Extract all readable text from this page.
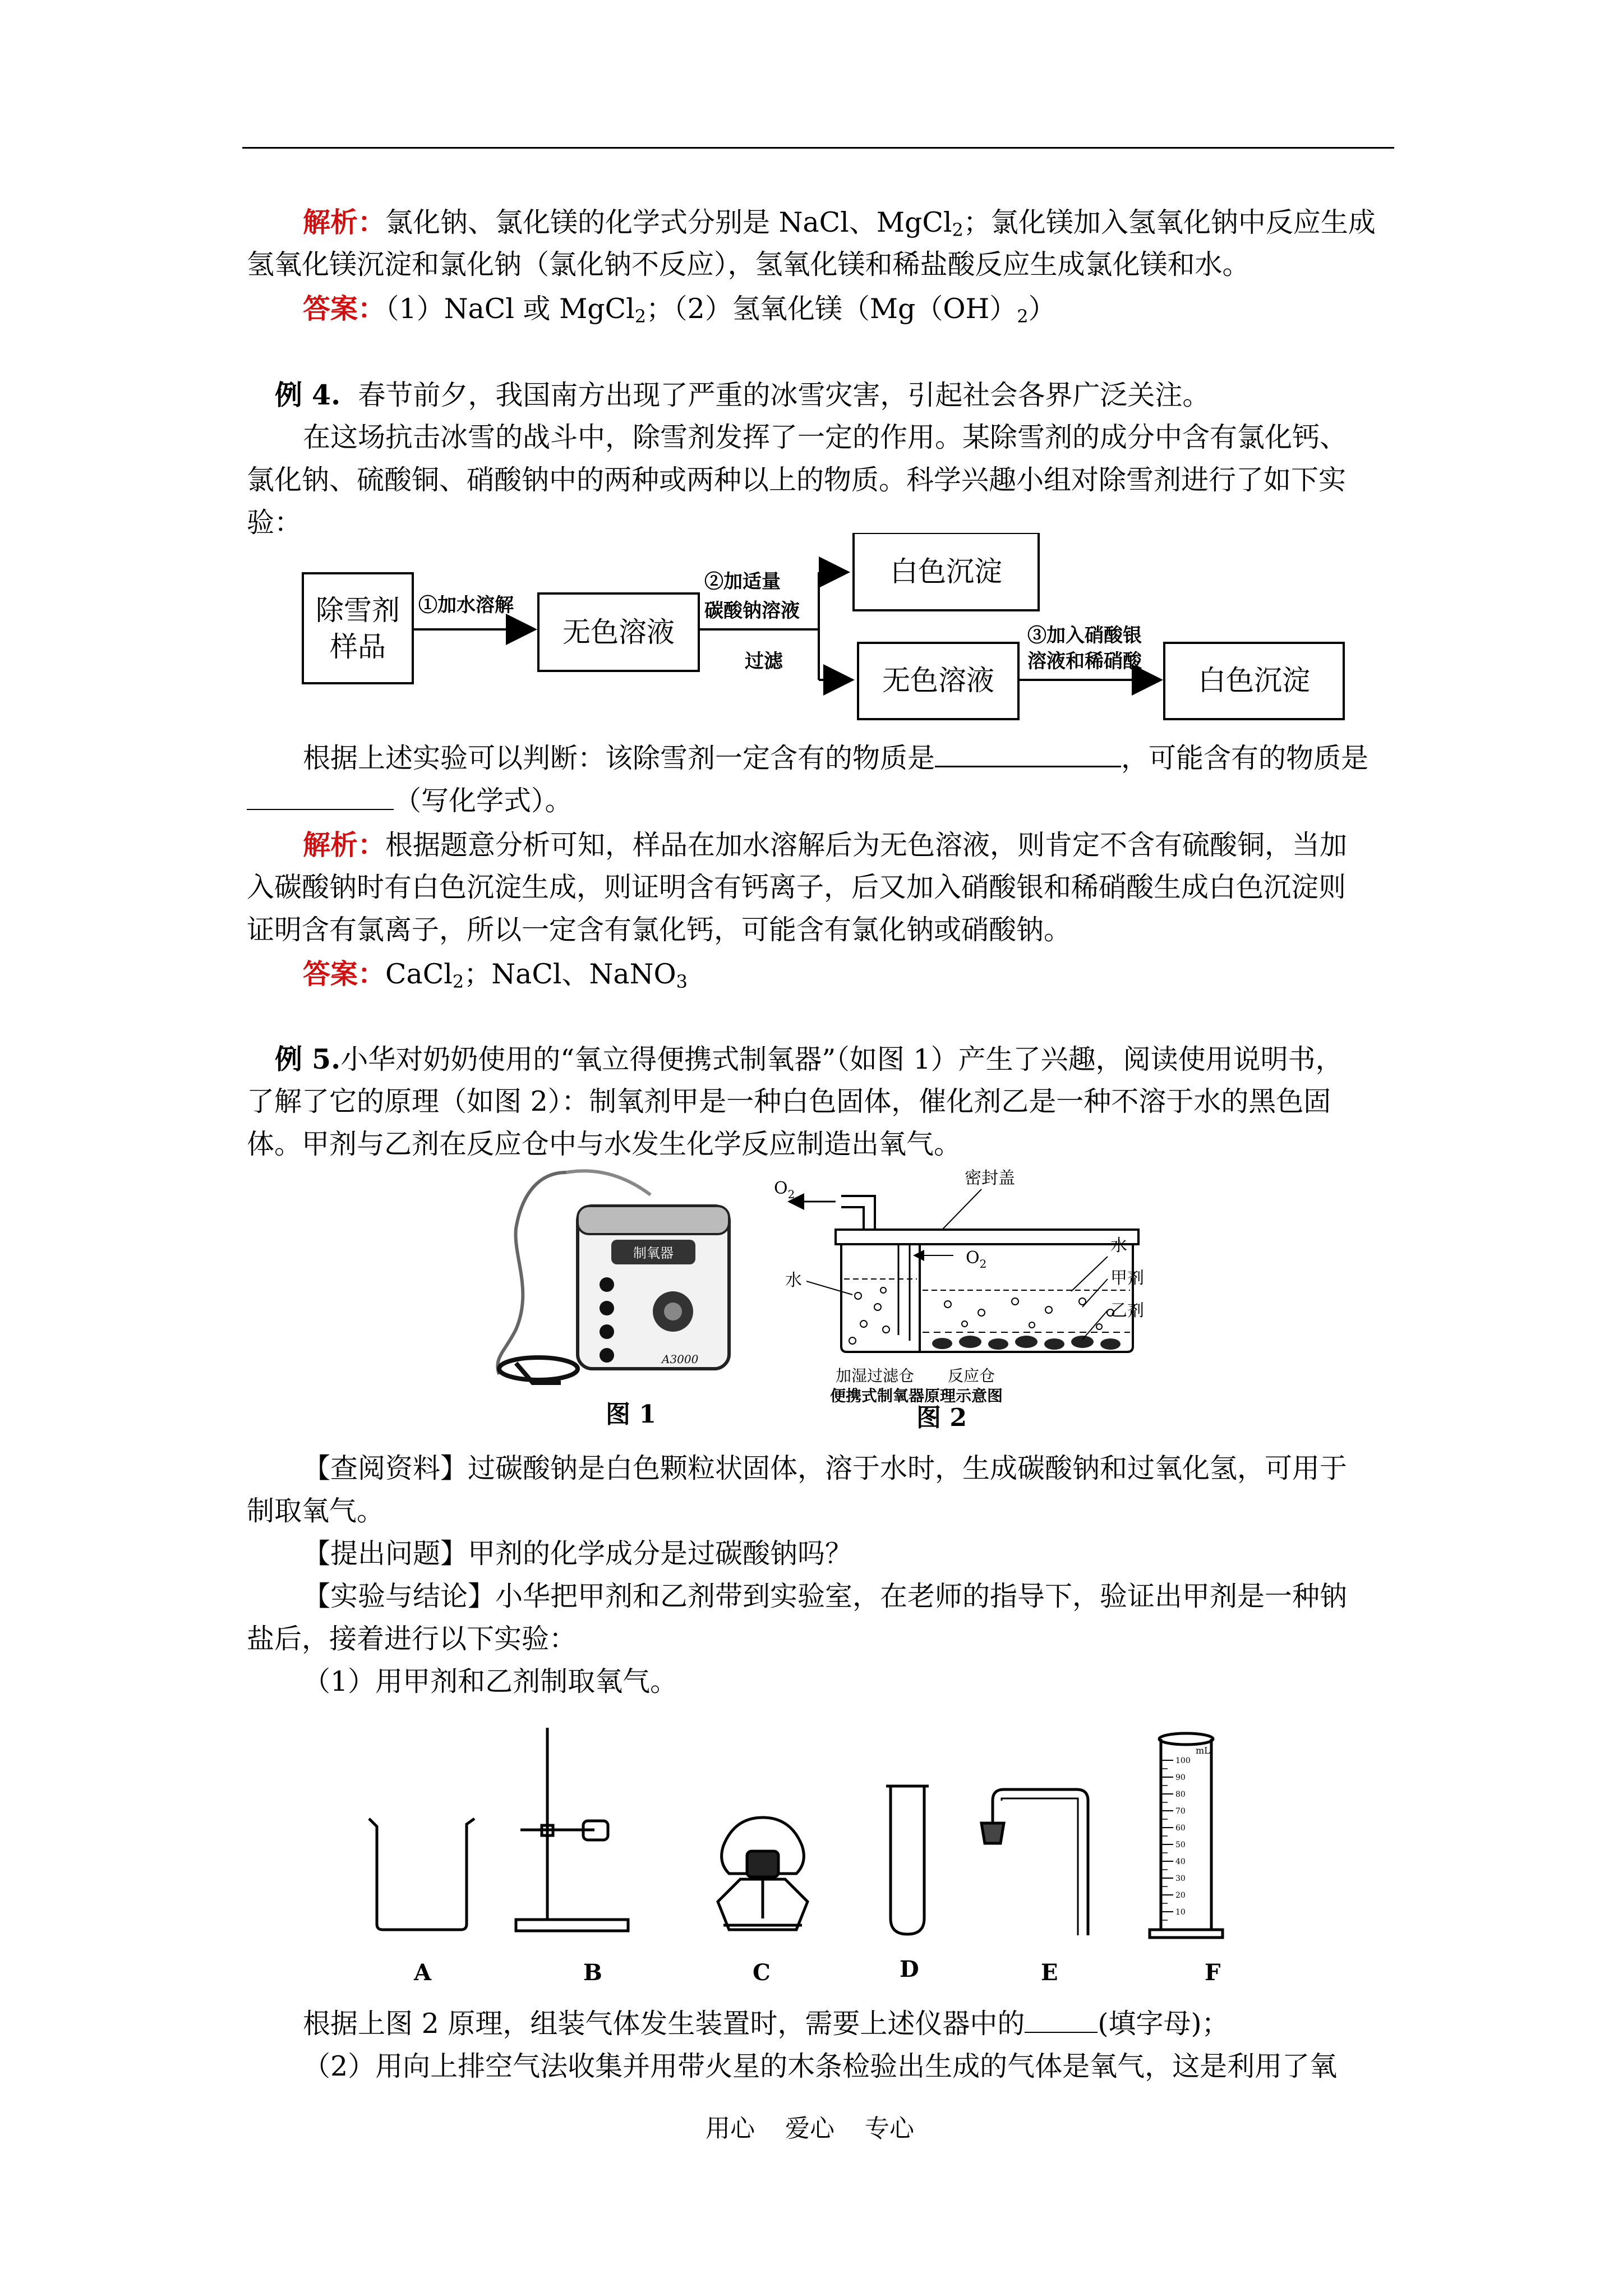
解析：氯化钠、氯化镁的化学式分别是 NaCl、MgCl$_2$；氯化镁加入氢氧化钠中反应生成
氢氧化镁沉淀和氯化钠（氯化钠不反应），氢氧化镁和稀盐酸反应生成氯化镁和水。
答案：（1）NaCl 或 MgCl$_2$；（2）氢氧化镁$(Mg(OH)_2)$
例 4. 春节前夕，我国南方出现了严重的冰雪灾害，引起社会各界广泛关注。
在这场抗击冰雪的战斗中，除雪剂发挥了一定的作用。某除雪剂的成分中含有氯化钙、
氯化钠、硫酸铜、硝酸钠中的两种或两种以上的物质。科学兴趣小组对除雪剂进行了如下实
验：
除雪剂
样品
①加水溶解
无色溶液
②加适量
碳酸钠溶液
过滤
白色沉淀
无色溶液
③加入硝酸银
溶液和稀硝酸
白色沉淀
根据上述实验可以判断：该除雪剂一定含有的物质是	，可能含有的物质是
（写化学式）。
解析：根据题意分析可知，样品在加水溶解后为无色溶液，则肯定不含有硫酸铜，当加
入碳酸钠时有白色沉淀生成，则证明含有钙离子，后又加入硝酸银和稀硝酸生成白色沉淀则
证明含有氯离子，所以一定含有氯化钙，可能含有氯化钠或硝酸钠。
答案：CaCl$_2$；NaCl、NaNO$_3$
例 5.小华对奶奶使用的“氧立得便携式制氧器”（如图 1）产生了兴趣，阅读使用说明书，
了解了它的原理（如图 2）：制氧剂甲是一种白色固体，催化剂乙是一种不溶于水的黑色固
体。甲剂与乙剂在反应仓中与水发生化学反应制造出氧气。
制氧器
A3000
图 1
$O_2$
密封盖
$O_2$
水
水
甲剂
乙剂
加湿过滤仓 反应仓
便携式制氧器原理示意图
图 2
【查阅资料】过碳酸钠是白色颗粒状固体，溶于水时，生成碳酸钠和过氧化氢，可用于
制取氧气。
【提出问题】甲剂的化学成分是过碳酸钠吗？
【实验与结论】小华把甲剂和乙剂带到实验室，在老师的指导下，验证出甲剂是一种钠
盐后，接着进行以下实验：
（1）用甲剂和乙剂制取氧气。
mL
100
90
80
70
60
50
40
30
20
10
A	B	C	D	E	F
根据上图 2 原理，组装气体发生装置时，需要上述仪器中的	(填字母)；
（2）用向上排空气法收集并用带火星的木条检验出生成的气体是氧气，这是利用了氧
用心 爱心 专心
